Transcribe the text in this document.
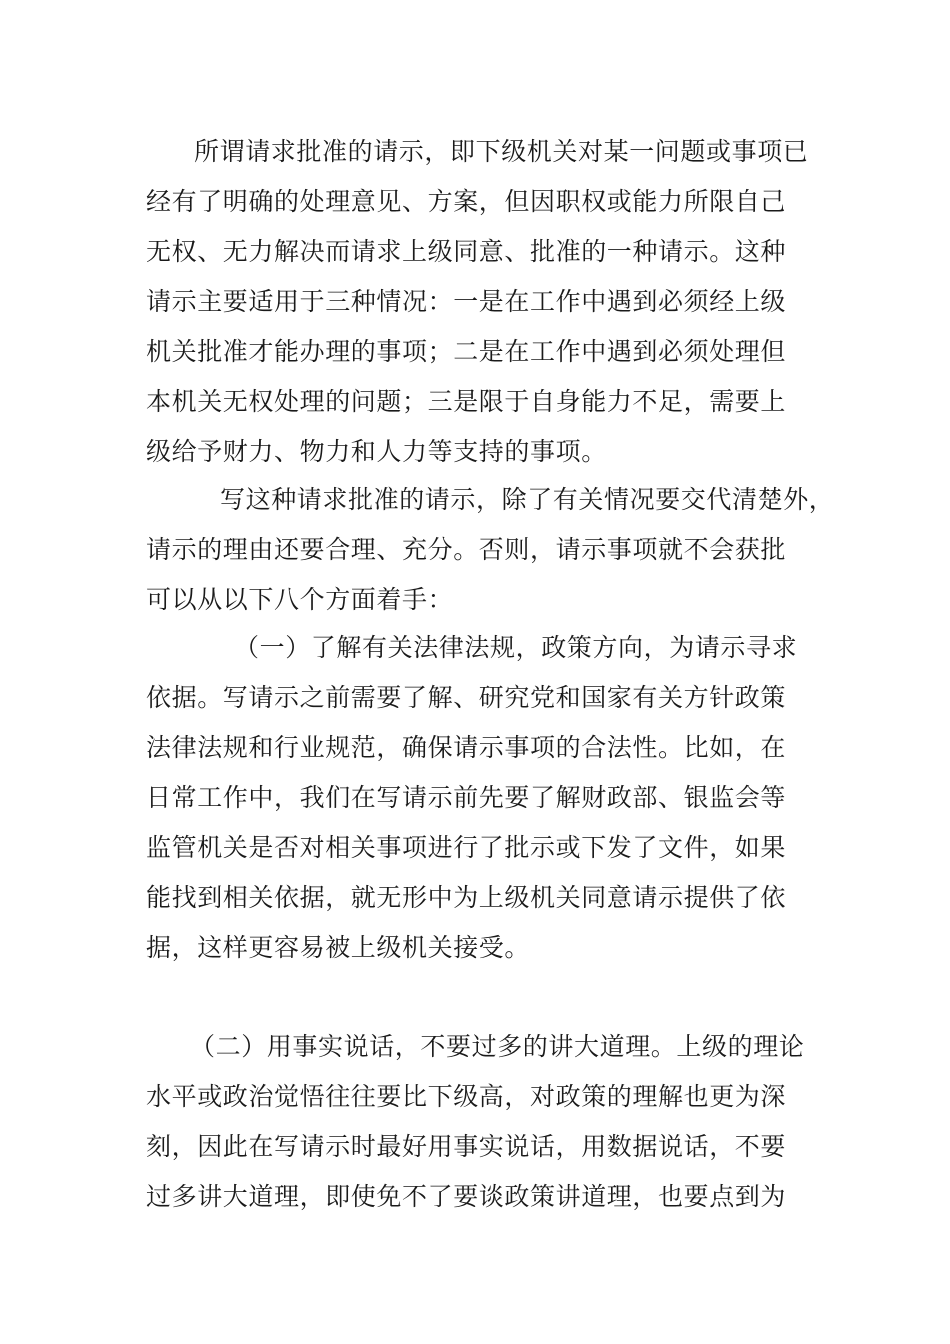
所谓请求批准的请示，即下级机关对某一问题或事项已
经有了明确的处理意见、方案，但因职权或能力所限自己
无权、无力解决而请求上级同意、批准的一种请示。这种
请示主要适用于三种情况：一是在工作中遇到必须经上级
机关批准才能办理的事项；二是在工作中遇到必须处理但
本机关无权处理的问题；三是限于自身能力不足，需要上
级给予财力、物力和人力等支持的事项。
写这种请求批准的请示，除了有关情况要交代清楚外，
请示的理由还要合理、充分。否则，请示事项就不会获批
可以从以下八个方面着手：
（一）了解有关法律法规，政策方向，为请示寻求
依据。写请示之前需要了解、研究党和国家有关方针政策
法律法规和行业规范，确保请示事项的合法性。比如，在
日常工作中，我们在写请示前先要了解财政部、银监会等
监管机关是否对相关事项进行了批示或下发了文件，如果
能找到相关依据，就无形中为上级机关同意请示提供了依
据，这样更容易被上级机关接受。
（二）用事实说话，不要过多的讲大道理。上级的理论
水平或政治觉悟往往要比下级高，对政策的理解也更为深
刻，因此在写请示时最好用事实说话，用数据说话，不要
过多讲大道理，即使免不了要谈政策讲道理，也要点到为
